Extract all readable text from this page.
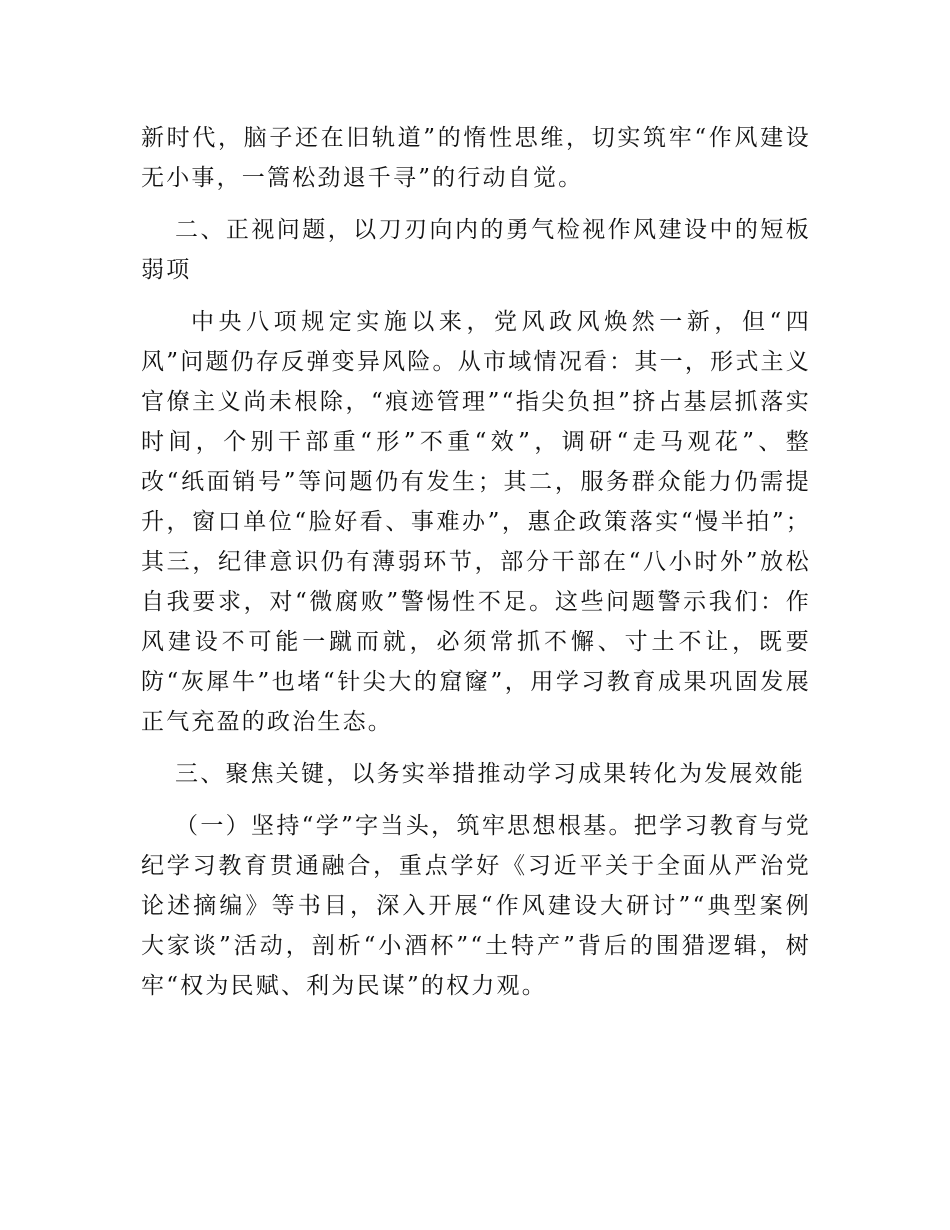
新时代，脑子还在旧轨道”的惰性思维，切实筑牢“作风建设无小事，一篙松劲退千寻”的行动自觉。

二、正视问题，以刀刃向内的勇气检视作风建设中的短板弱项

中央八项规定实施以来，党风政风焕然一新，但“四风”问题仍存反弹变异风险。从市域情况看：其一，形式主义官僚主义尚未根除，“痕迹管理”“指尖负担”挤占基层抓落实时间，个别干部重“形”不重“效”，调研“走马观花”、整改“纸面销号”等问题仍有发生；其二，服务群众能力仍需提升，窗口单位“脸好看、事难办”，惠企政策落实“慢半拍”；其三，纪律意识仍有薄弱环节，部分干部在“八小时外”放松自我要求，对“微腐败”警惕性不足。这些问题警示我们：作风建设不可能一蹴而就，必须常抓不懈、寸土不让，既要防“灰犀牛”也堵“针尖大的窟窿”，用学习教育成果巩固发展正气充盈的政治生态。

三、聚焦关键，以务实举措推动学习成果转化为发展效能

（一）坚持“学”字当头，筑牢思想根基。把学习教育与党纪学习教育贯通融合，重点学好《习近平关于全面从严治党论述摘编》等书目，深入开展“作风建设大研讨”“典型案例大家谈”活动，剖析“小酒杯”“土特产”背后的围猎逻辑，树牢“权为民赋、利为民谋”的权力观。
